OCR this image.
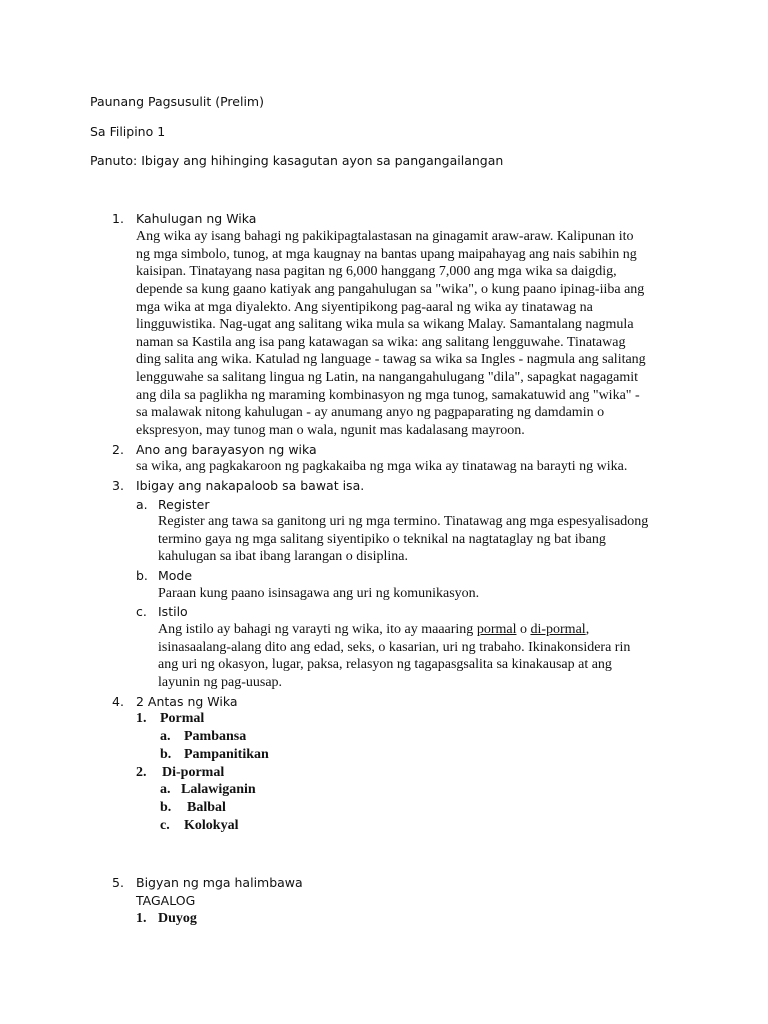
Paunang Pagsusulit (Prelim)
Sa Filipino 1
Panuto: Ibigay ang hihinging kasagutan ayon sa pangangailangan
1. Kahulugan ng Wika
Ang wika ay isang bahagi ng pakikipagtalastasan na ginagamit araw-araw. Kalipunan ito
ng mga simbolo, tunog, at mga kaugnay na bantas upang maipahayag ang nais sabihin ng
kaisipan. Tinatayang nasa pagitan ng 6,000 hanggang 7,000 ang mga wika sa daigdig,
depende sa kung gaano katiyak ang pangahulugan sa "wika", o kung paano ipinag-iiba ang
mga wika at mga diyalekto. Ang siyentipikong pag-aaral ng wika ay tinatawag na
lingguwistika. Nag-ugat ang salitang wika mula sa wikang Malay. Samantalang nagmula
naman sa Kastila ang isa pang katawagan sa wika: ang salitang lengguwahe. Tinatawag
ding salita ang wika. Katulad ng language - tawag sa wika sa Ingles - nagmula ang salitang
lengguwahe sa salitang lingua ng Latin, na nangangahulugang "dila", sapagkat nagagamit
ang dila sa paglikha ng maraming kombinasyon ng mga tunog, samakatuwid ang "wika" -
sa malawak nitong kahulugan - ay anumang anyo ng pagpaparating ng damdamin o
ekspresyon, may tunog man o wala, ngunit mas kadalasang mayroon.
2. Ano ang barayasyon ng wika
sa wika, ang pagkakaroon ng pagkakaiba ng mga wika ay tinatawag na barayti ng wika.
3. Ibigay ang nakapaloob sa bawat isa.
a. Register
Register ang tawa sa ganitong uri ng mga termino. Tinatawag ang mga espesyalisadong
termino gaya ng mga salitang siyentipiko o teknikal na nagtataglay ng bat ibang
kahulugan sa ibat ibang larangan o disiplina.
b. Mode
Paraan kung paano isinsagawa ang uri ng komunikasyon.
c. Istilo
Ang istilo ay bahagi ng varayti ng wika, ito ay maaaring pormal o di-pormal,
isinasaalang-alang dito ang edad, seks, o kasarian, uri ng trabaho. Ikinakonsidera rin
ang uri ng okasyon, lugar, paksa, relasyon ng tagapasgsalita sa kinakausap at ang
layunin ng pag-uusap.
4. 2 Antas ng Wika
1. Pormal
a. Pambansa
b. Pampanitikan
2. Di-pormal
a. Lalawiganin
b. Balbal
c. Kolokyal
5. Bigyan ng mga halimbawa
TAGALOG
1. Duyog
